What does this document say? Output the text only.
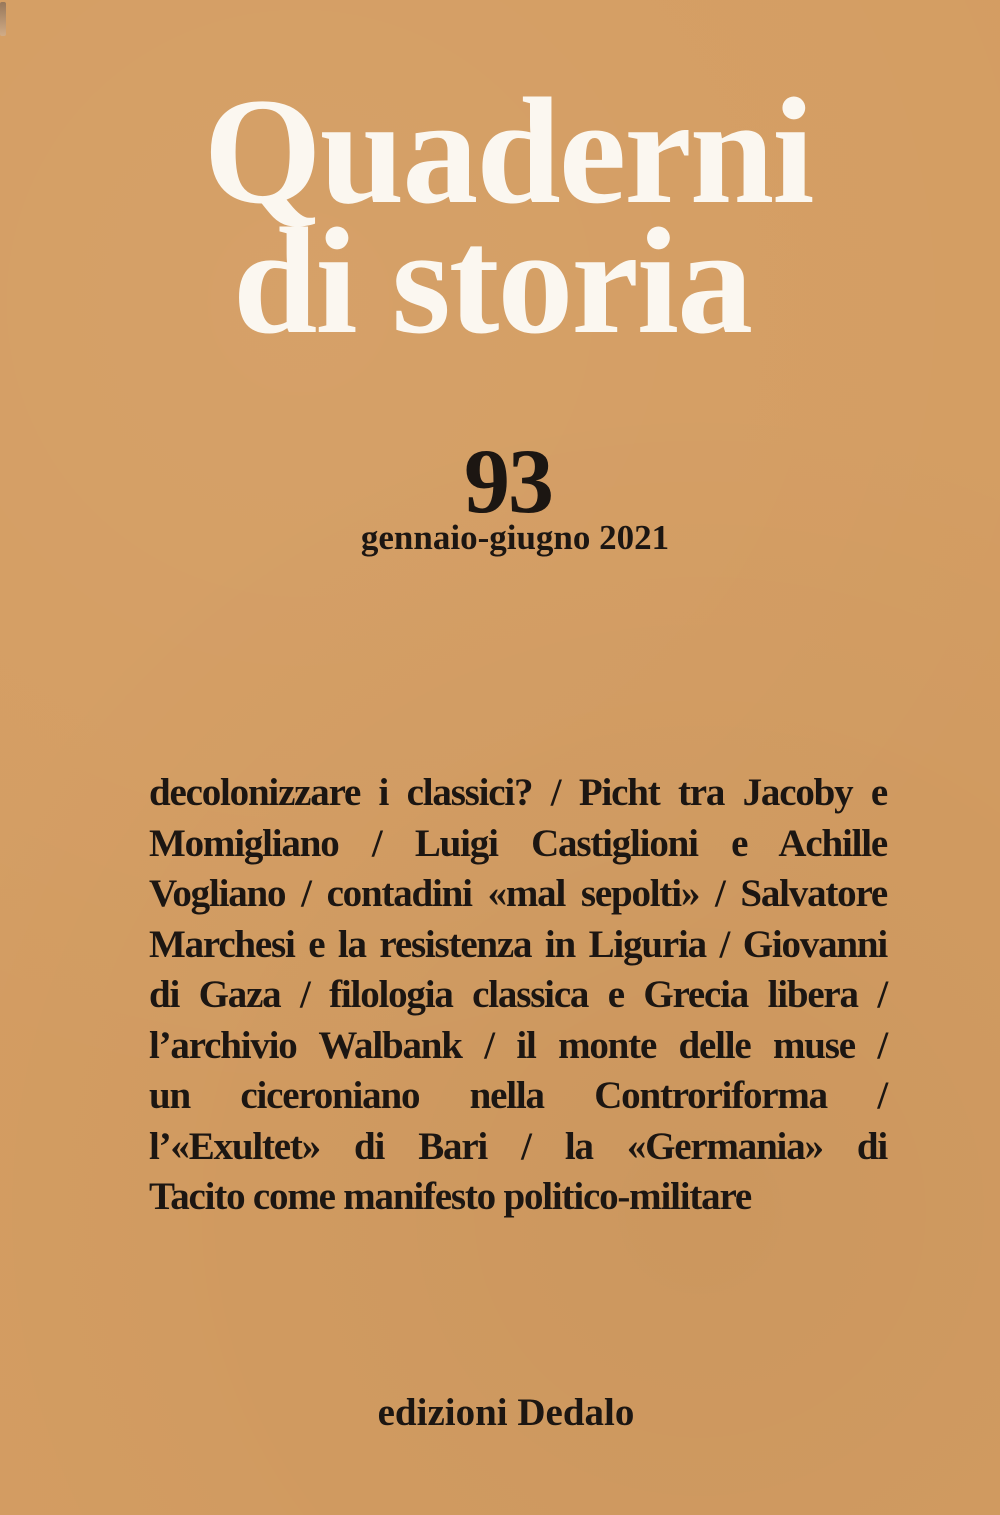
Quaderni
di storia
93
gennaio-giugno 2021
decolonizzare i classici? / Picht tra Jacoby e
Momigliano / Luigi Castiglioni e Achille
Vogliano / contadini «mal sepolti» / Salvatore
Marchesi e la resistenza in Liguria / Giovanni
di Gaza / filologia classica e Grecia libera /
l’archivio Walbank / il monte delle muse /
un ciceroniano nella Controriforma /
l’«Exultet» di Bari / la «Germania» di
Tacito come manifesto politico-militare
edizioni Dedalo
